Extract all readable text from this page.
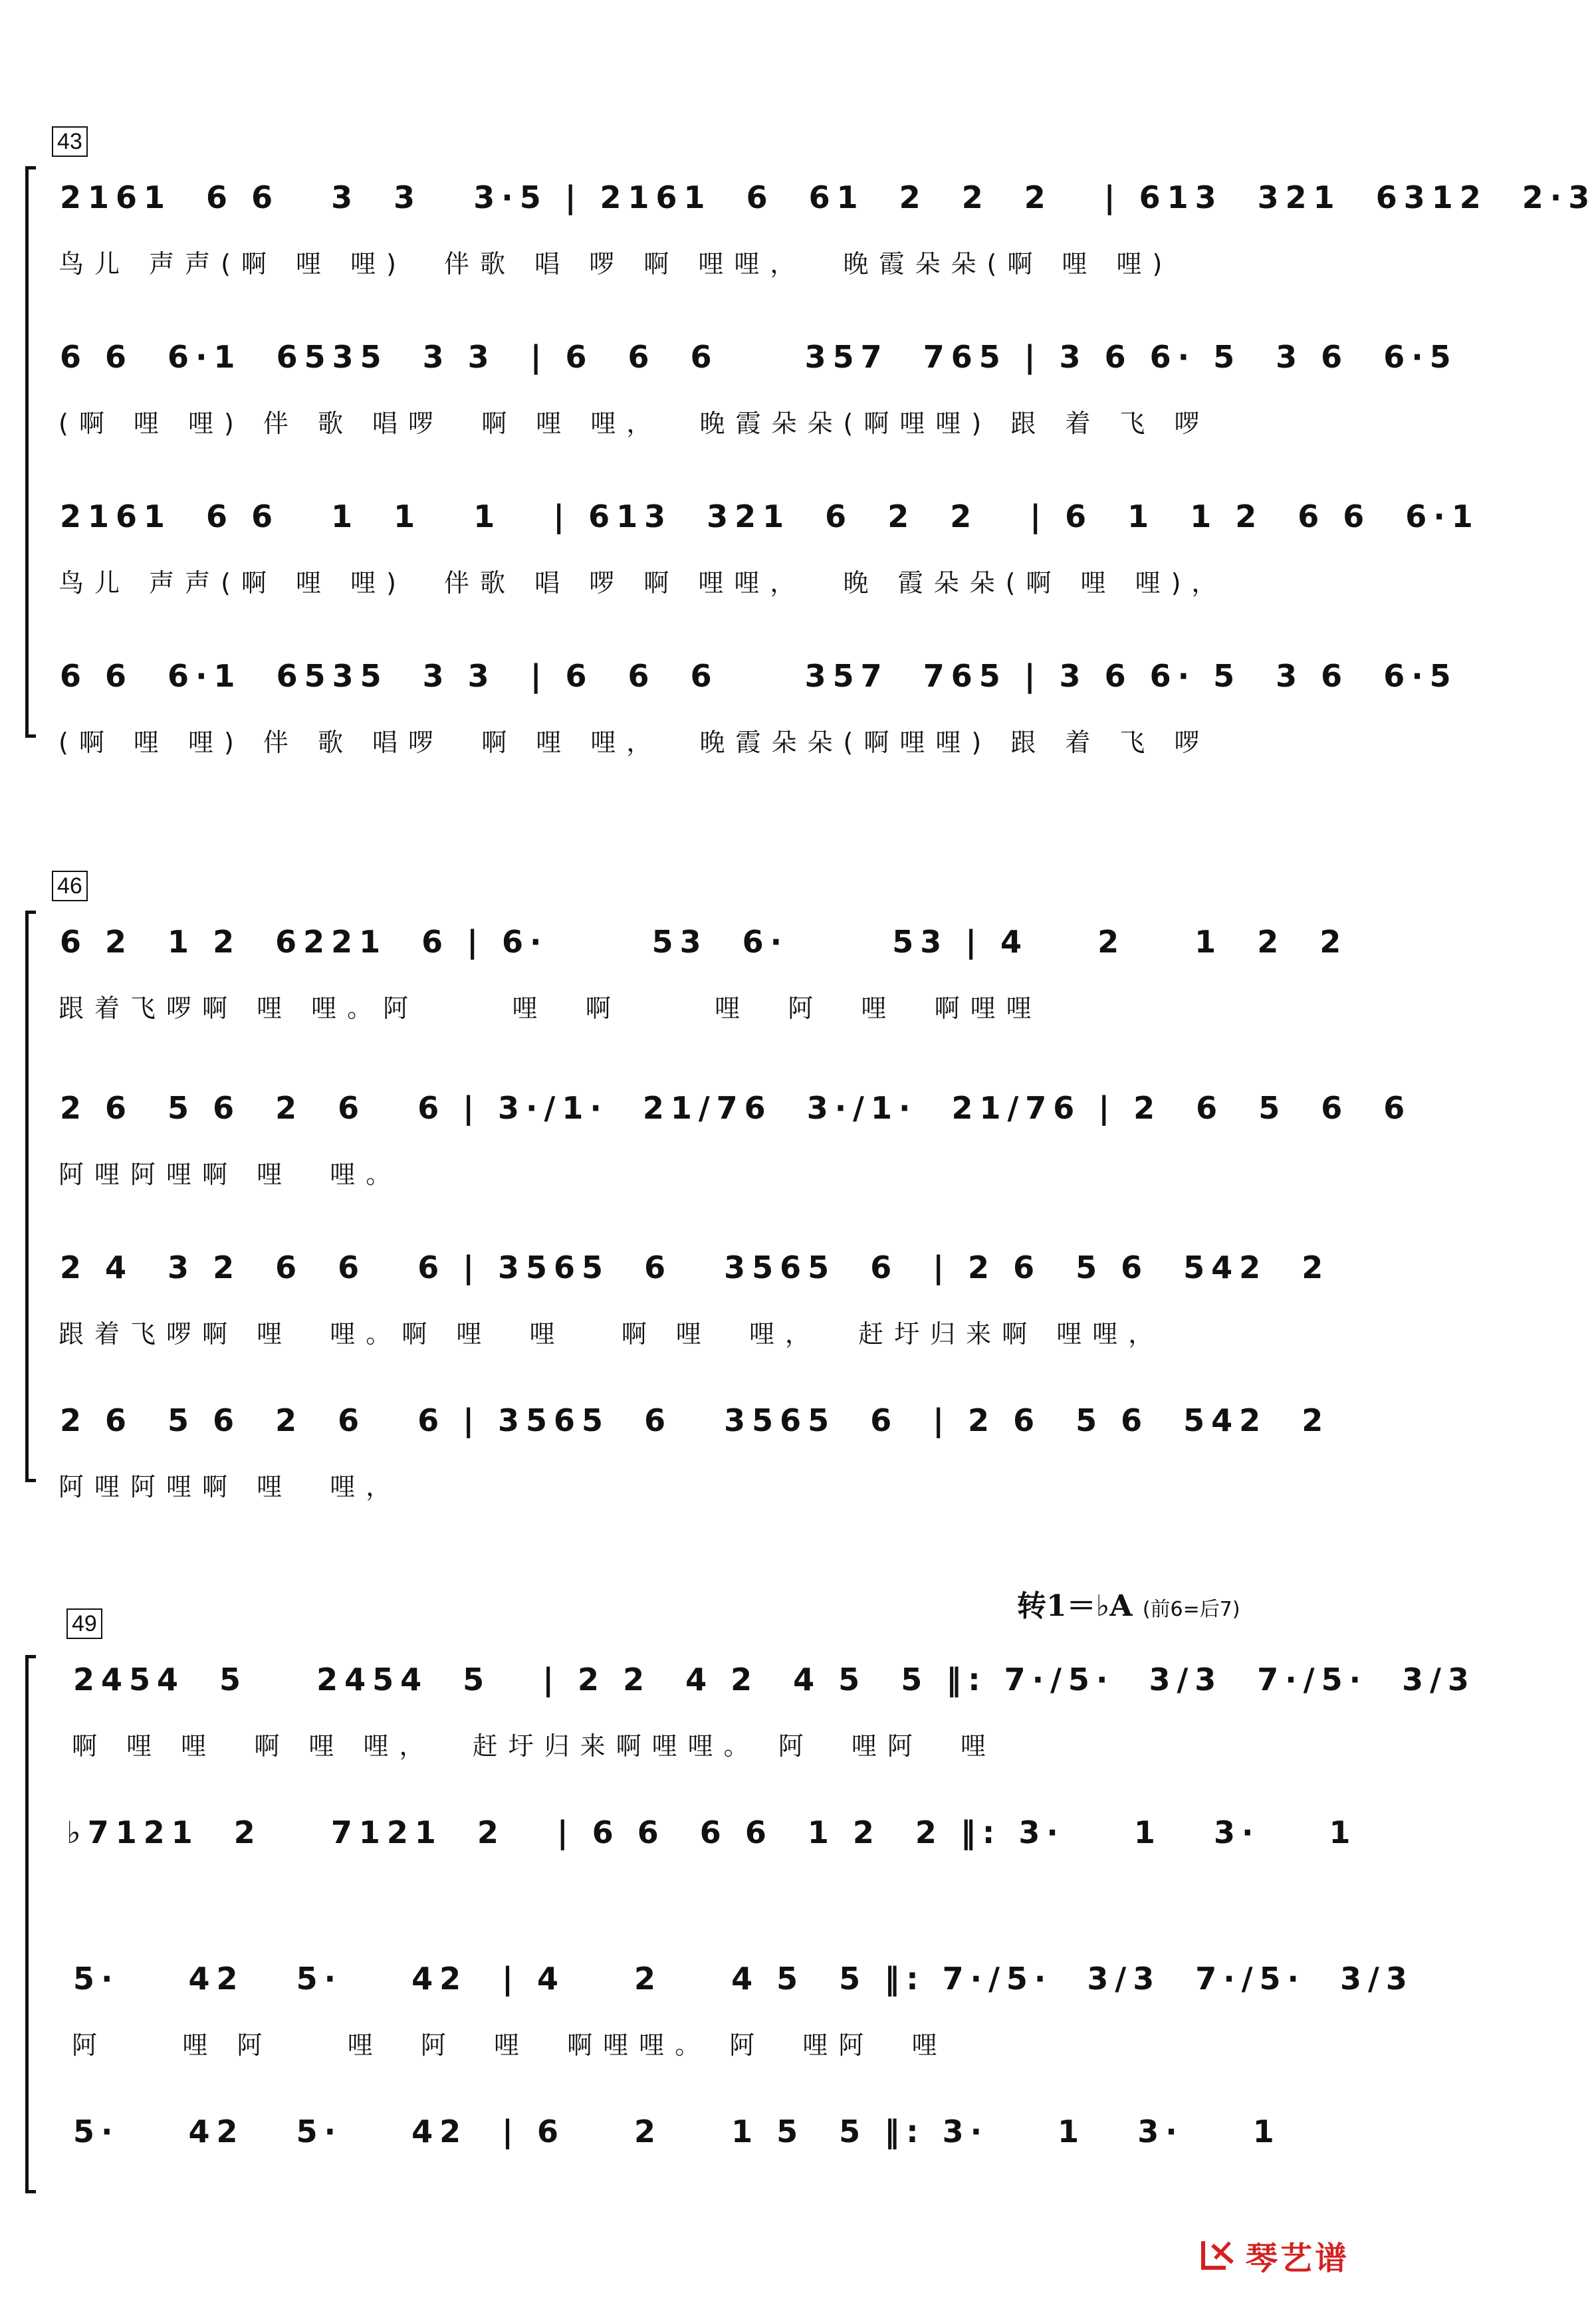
43
2161  6 6   3  3   3·5 | 2161  6  61  2  2  2   | 613  321  6312  2·3
鸟儿 声声(啊 哩 哩)  伴歌 唱 啰 啊 哩哩，  晚霞朵朵(啊 哩 哩)
6 6  6·1  6535  3 3  | 6  6  6     357  765 | 3 6 6· 5  3 6  6·5
(啊 哩 哩) 伴 歌 唱啰  啊 哩 哩，  晚霞朵朵(啊哩哩) 跟 着 飞 啰
2161  6 6   1  1   1   | 613  321  6  2  2   | 6  1  1 2  6 6  6·1
鸟儿 声声(啊 哩 哩)  伴歌 唱 啰 啊 哩哩，  晚 霞朵朵(啊 哩 哩)，
6 6  6·1  6535  3 3  | 6  6  6     357  765 | 3 6 6· 5  3 6  6·5
(啊 哩 哩) 伴 歌 唱啰  啊 哩 哩，  晚霞朵朵(啊哩哩) 跟 着 飞 啰
46
6 2  1 2  6221  6 | 6·      53  6·      53 | 4    2    1  2  2
跟着飞啰啊 哩 哩。阿     哩  啊     哩  阿  哩  啊哩哩
2 6  5 6  2  6   6 | 3·/1·  21/76  3·/1·  21/76 | 2  6  5  6  6
阿哩阿哩啊 哩  哩。
2 4  3 2  6  6   6 | 3565  6   3565  6  | 2 6  5 6  542  2
跟着飞啰啊 哩  哩。啊 哩  哩   啊 哩  哩，  赶圩归来啊 哩哩，
2 6  5 6  2  6   6 | 3565  6   3565  6  | 2 6  5 6  542  2
阿哩阿哩啊 哩  哩，
转1＝♭A (前6=后7)
49
2454  5    2454  5   | 2 2  4 2  4 5  5 ‖: 7·/5·  3/3  7·/5·  3/3
啊 哩 哩  啊 哩 哩，  赶圩归来啊哩哩。 阿  哩阿  哩
♭7121  2    7121  2   | 6 6  6 6  1 2  2 ‖: 3·    1   3·    1
5·    42   5·    42  | 4    2    4 5  5 ‖: 7·/5·  3/3  7·/5·  3/3
阿    哩 阿    哩  阿  哩  啊哩哩。 阿  哩阿  哩
5·    42   5·    42  | 6    2    1 5  5 ‖: 3·    1   3·    1
琴艺谱
